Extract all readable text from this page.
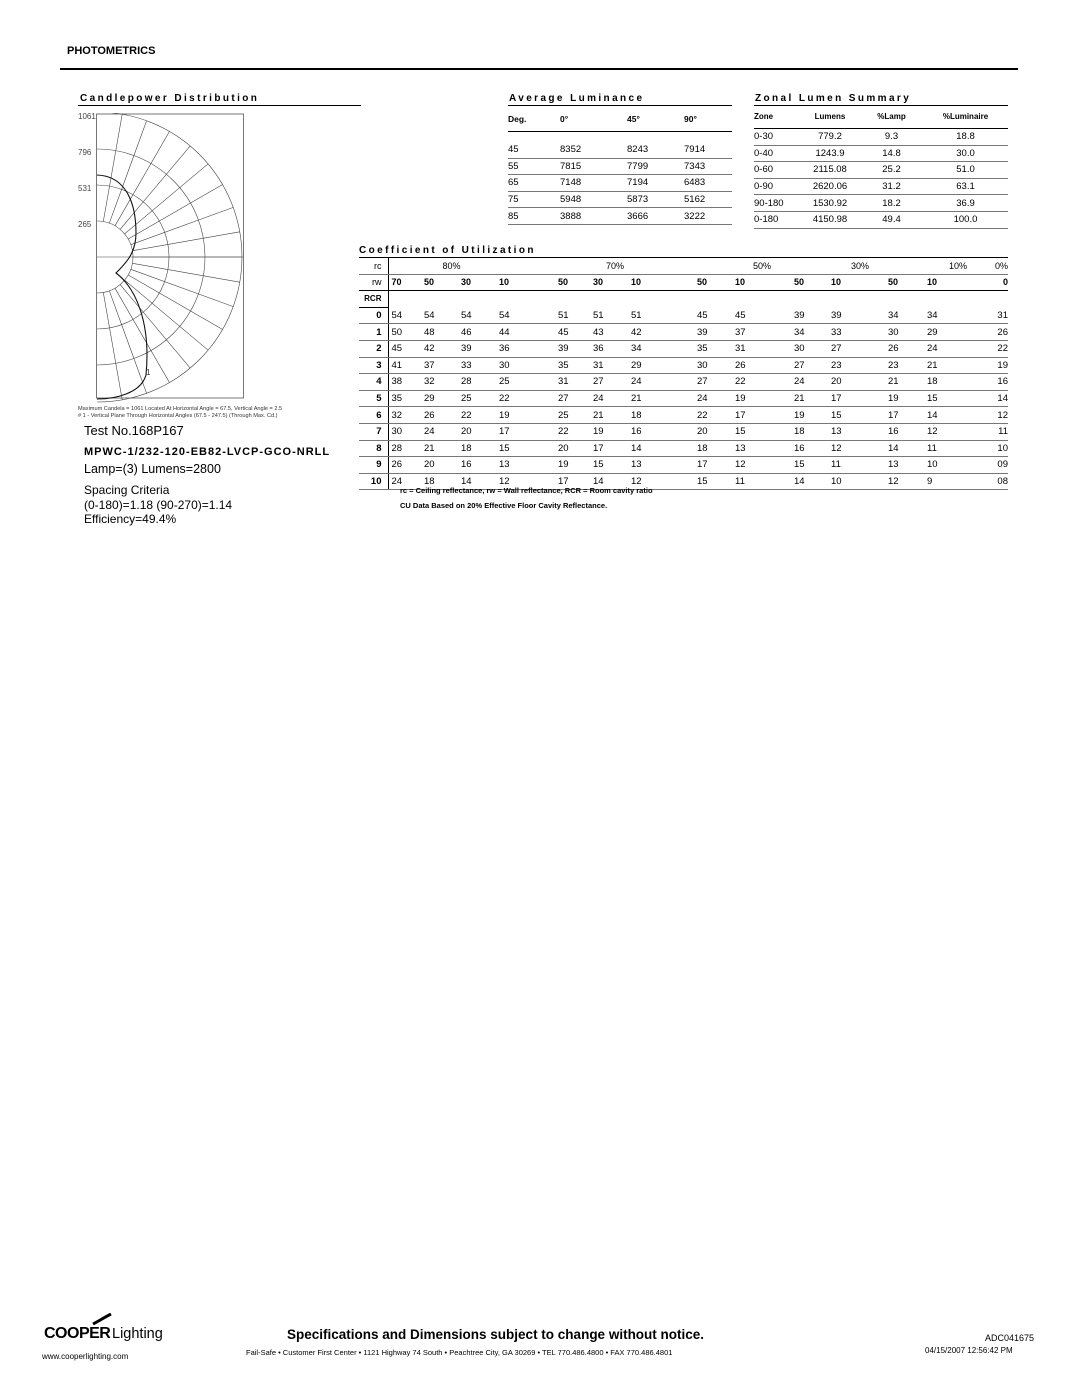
PHOTOMETRICS
Candlepower Distribution
1061
796
531
265
1
Maximum Candela = 1061 Located At Horizontal Angle = 67.5, Vertical Angle = 2.5
# 1 - Vertical Plane Through Horizontal Angles (67.5 - 247.5) (Through Max. Cd.)
Test No.168P167
MPWC-1/232-120-EB82-LVCP-GCO-NRLL
Lamp=(3) Lumens=2800
Spacing Criteria
(0-180)=1.18 (90-270)=1.14
Efficiency=49.4%
Average Luminance
Deg.	0°	45°	90°

45	8352	8243	7914
55	7815	7799	7343
65	7148	7194	6483
75	5948	5873	5162
85	3888	3666	3222
Zonal Lumen Summary
Zone	Lumens	%Lamp	%Luminaire
0-30	779.2	9.3	18.8
0-40	1243.9	14.8	30.0
0-60	2115.08	25.2	51.0
0-90	2620.06	31.2	63.1
90-180	1530.92	18.2	36.9
0-180	4150.98	49.4	100.0
Coefficient of Utilization
rc	80%				70%			50%		30%		10%		0%
rw	70	50	30	10	50	30	10	50	10	50	10	50	10	0
RCR														
0	54	54	54	54	51	51	51	45	45	39	39	34	34	31
1	50	48	46	44	45	43	42	39	37	34	33	30	29	26
2	45	42	39	36	39	36	34	35	31	30	27	26	24	22
3	41	37	33	30	35	31	29	30	26	27	23	23	21	19
4	38	32	28	25	31	27	24	27	22	24	20	21	18	16
5	35	29	25	22	27	24	21	24	19	21	17	19	15	14
6	32	26	22	19	25	21	18	22	17	19	15	17	14	12
7	30	24	20	17	22	19	16	20	15	18	13	16	12	11
8	28	21	18	15	20	17	14	18	13	16	12	14	11	10
9	26	20	16	13	19	15	13	17	12	15	11	13	10	09
10	24	18	14	12	17	14	12	15	11	14	10	12	9	08
rc = Ceiling reflectance, rw = Wall reflectance, RCR = Room cavity ratio
CU Data Based on 20% Effective Floor Cavity Reflectance.
COOPER Lighting
www.cooperlighting.com
Specifications and Dimensions subject to change without notice.
Fail-Safe • Customer First Center • 1121 Highway 74 South • Peachtree City, GA 30269 • TEL 770.486.4800 • FAX 770.486.4801
ADC041675
04/15/2007 12:56:42 PM
